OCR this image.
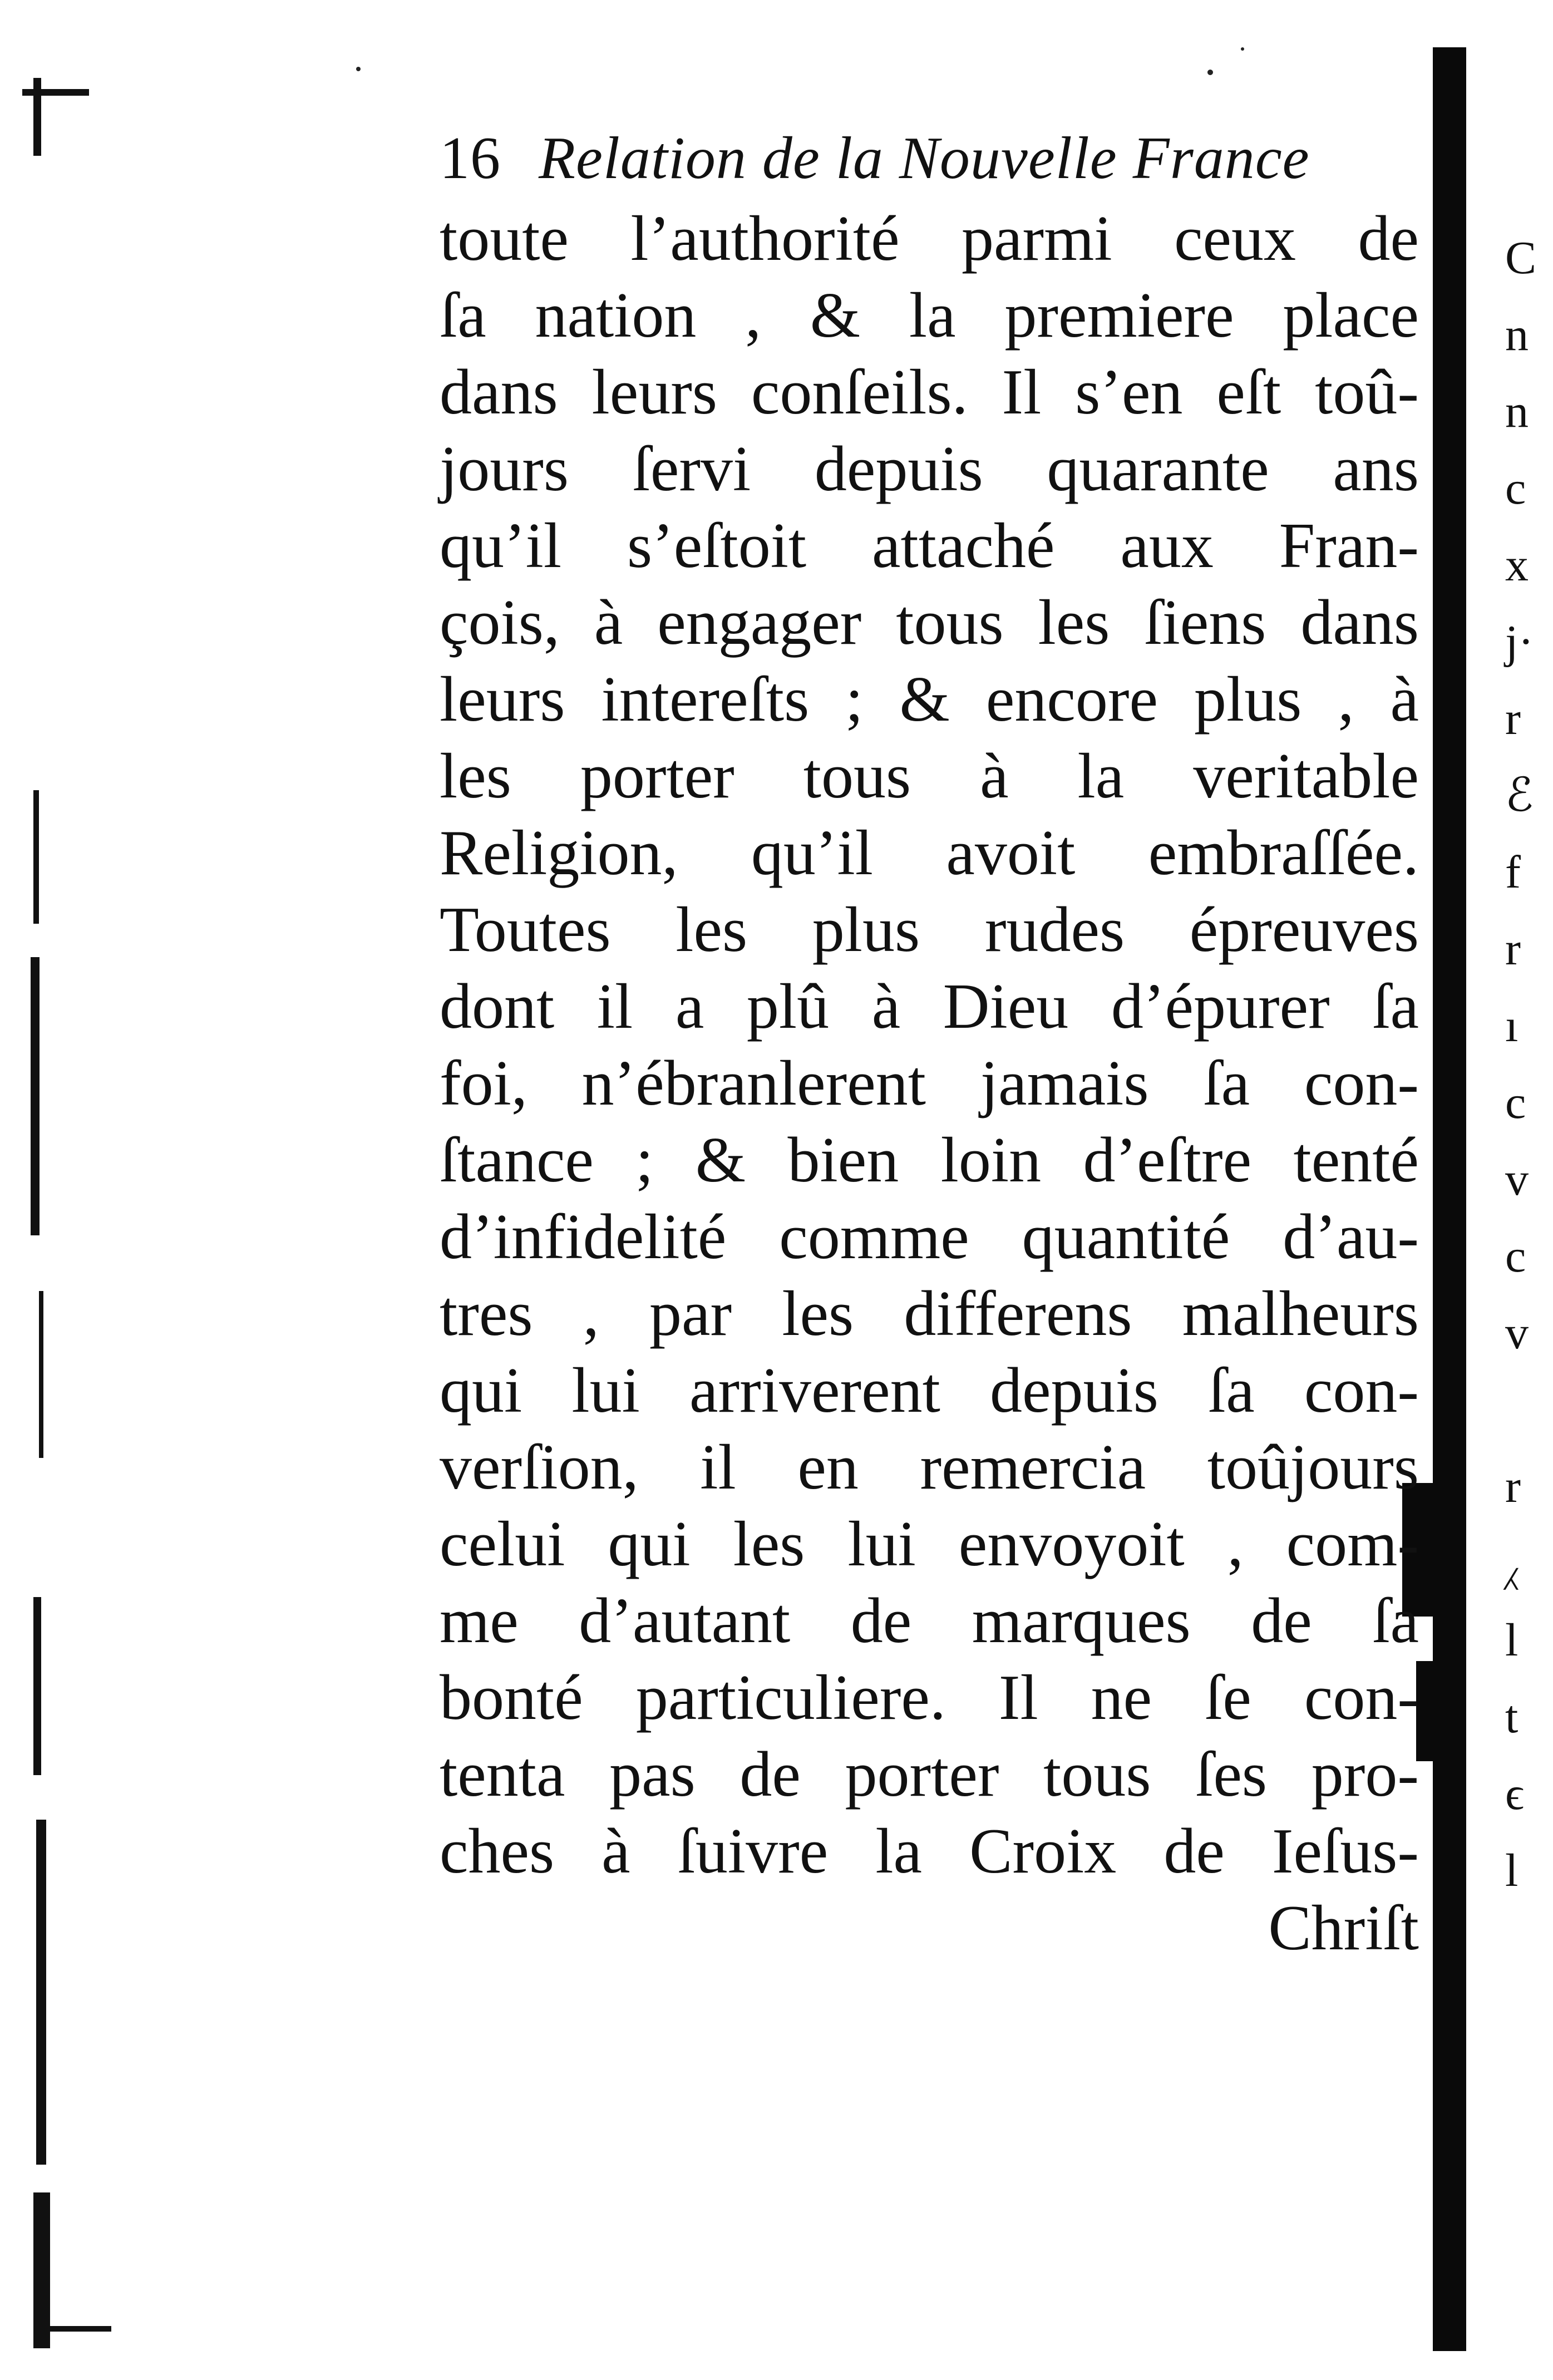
C
n
n
c
x
j·
r
ℰ
f
r
ı
c
v
c
v
r
⁁
l
t
ϵ
l
16 Relation de la Nouvelle France
toute l’authorité parmi ceux de
ſa nation , & la premiere place
dans leurs conſeils. Il s’en eſt toû-
jours ſervi depuis quarante ans
qu’il s’eſtoit attaché aux Fran-
çois, à engager tous les ſiens dans
leurs intereſts ; & encore plus , à
les porter tous à la veritable
Religion, qu’il avoit embraſſée.
Toutes les plus rudes épreuves
dont il a plû à Dieu d’épurer ſa
foi, n’ébranlerent jamais ſa con-
ſtance ; & bien loin d’eſtre tenté
d’infidelité comme quantité d’au-
tres , par les differens malheurs
qui lui arriverent depuis ſa con-
verſion, il en remercia toûjours
celui qui les lui envoyoit , com-
me d’autant de marques de ſa
bonté particuliere. Il ne ſe con-
tenta pas de porter tous ſes pro-
ches à ſuivre la Croix de Ieſus-
Chriſt
